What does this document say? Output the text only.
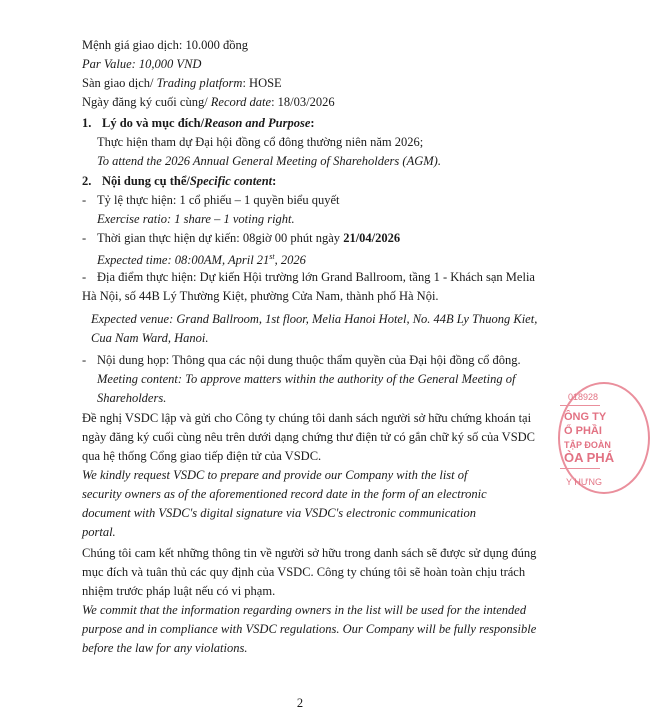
Mệnh giá giao dịch: 10.000 đồng
Par Value: 10,000 VND
Sàn giao dịch/ Trading platform: HOSE
Ngày đăng ký cuối cùng/ Record date: 18/03/2026
1. Lý do và mục đích/Reason and Purpose:
Thực hiện tham dự Đại hội đồng cổ đông thường niên năm 2026;
To attend the 2026 Annual General Meeting of Shareholders (AGM).
2. Nội dung cụ thể/Specific content:
- Tỷ lệ thực hiện: 1 cổ phiếu – 1 quyền biểu quyết
Exercise ratio: 1 share – 1 voting right.
- Thời gian thực hiện dự kiến: 08giờ 00 phút ngày 21/04/2026
Expected time: 08:00AM, April 21st, 2026
- Địa điểm thực hiện: Dự kiến Hội trường lớn Grand Ballroom, tầng 1 - Khách sạn Melia
Hà Nội, số 44B Lý Thường Kiệt, phường Cửa Nam, thành phố Hà Nội.
Expected venue: Grand Ballroom, 1st floor, Melia Hanoi Hotel, No. 44B Ly Thuong Kiet,
Cua Nam Ward, Hanoi.
- Nội dung họp: Thông qua các nội dung thuộc thẩm quyền của Đại hội đồng cổ đông.
Meeting content: To approve matters within the authority of the General Meeting of
Shareholders.
Đề nghị VSDC lập và gửi cho Công ty chúng tôi danh sách người sở hữu chứng khoán tại
ngày đăng ký cuối cùng nêu trên dưới dạng chứng thư điện tử có gắn chữ ký số của VSDC
qua hệ thống Cổng giao tiếp điện tử của VSDC.
We kindly request VSDC to prepare and provide our Company with the list of
security owners as of the aforementioned record date in the form of an electronic
document with VSDC's digital signature via VSDC's electronic communication
portal.
Chúng tôi cam kết những thông tin về người sở hữu trong danh sách sẽ được sử dụng đúng
mục đích và tuân thủ các quy định của VSDC. Công ty chúng tôi sẽ hoàn toàn chịu trách
nhiệm trước pháp luật nếu có vi phạm.
We commit that the information regarding owners in the list will be used for the intended
purpose and in compliance with VSDC regulations. Our Company will be fully responsible
before the law for any violations.
018928
ÔNG TY
Ổ PHẦI
TẬP ĐOÀN
ÒA PHÁ
Y HƯNG
2
